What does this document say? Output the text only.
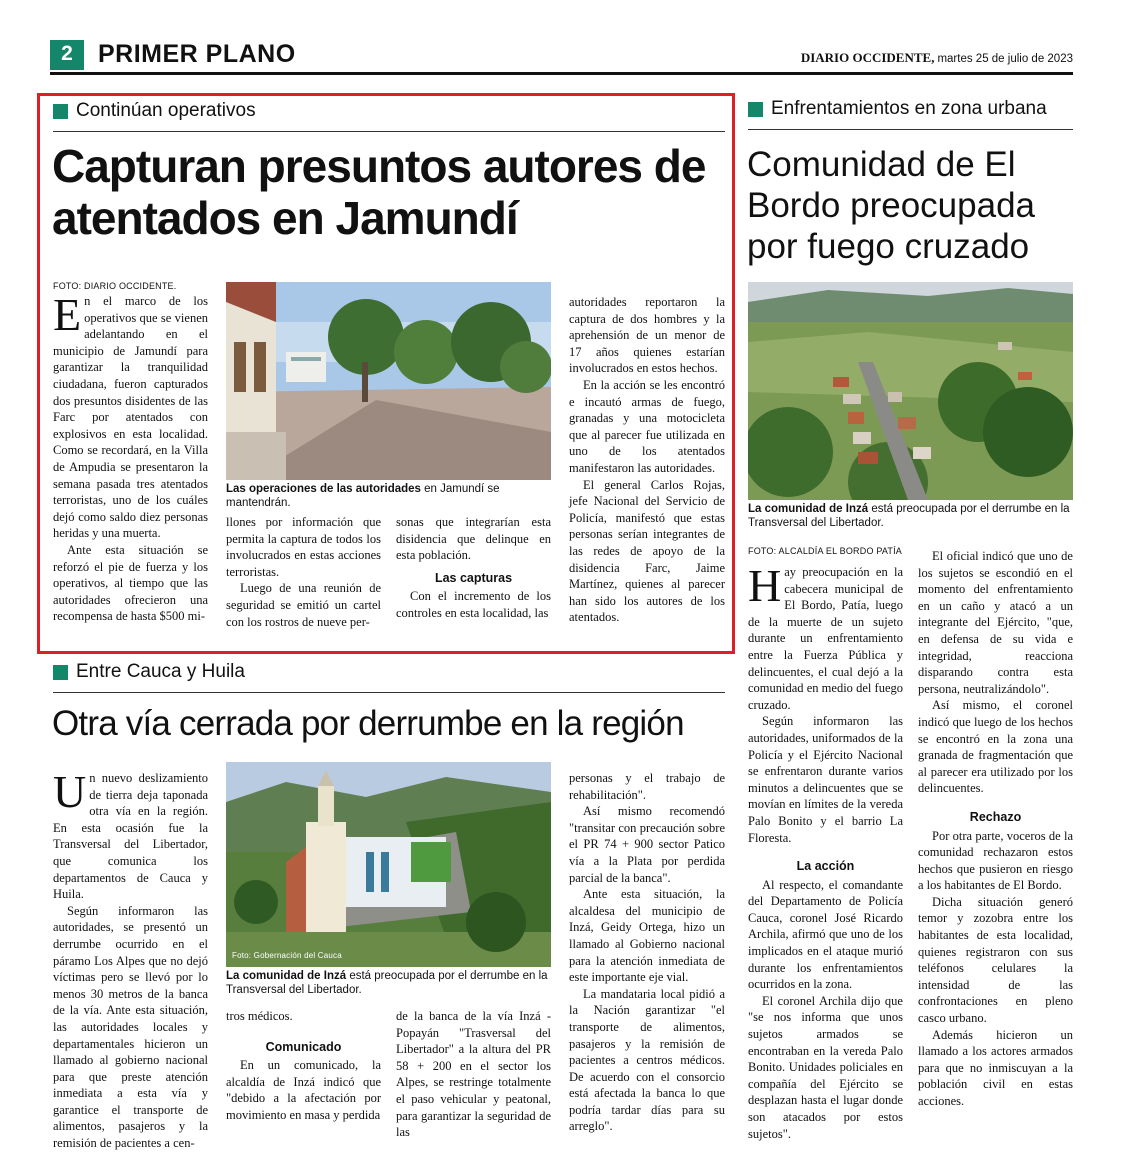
2	PRIMER PLANO	DIARIO OCCIDENTE, martes 25 de julio de 2023
Continúan operativos
Capturan presuntos autores de atentados en Jamundí
FOTO: DIARIO OCCIDENTE.

En el marco de los operativos que se vienen adelantando en el municipio de Jamundí para garantizar la tranquilidad ciudadana, fueron capturados dos presuntos disidentes de las Farc por atentados con explosivos en esta localidad. Como se recordará, en la Villa de Ampudia se presentaron la semana pasada tres atentados terroristas, uno de los cuáles dejó como saldo diez personas heridas y una muerta.

Ante esta situación se reforzó el pie de fuerza y los operativos, al tiempo que las autoridades ofrecieron una recompensa de hasta $500 mi-

Las operaciones de las autoridades en Jamundí se mantendrán.

llones por información que permita la captura de todos los involucrados en estas acciones terroristas.

Luego de una reunión de seguridad se emitió un cartel con los rostros de nueve per-

sonas que integrarían esta disidencia que delinque en esta población.

Las capturas

Con el incremento de los controles en esta localidad, las

autoridades reportaron la captura de dos hombres y la aprehensión de un menor de 17 años quienes estarían involucrados en estos hechos.

En la acción se les encontró e incautó armas de fuego, granadas y una motocicleta que al parecer fue utilizada en uno de los atentados manifestaron las autoridades.

El general Carlos Rojas, jefe Nacional del Servicio de Policía, manifestó que estas personas serían integrantes de las redes de apoyo de la disidencia Farc, Jaime Martínez, quienes al parecer han sido los autores de los atentados.

Enfrentamientos en zona urbana
Comunidad de El Bordo preocupada por fuego cruzado
La comunidad de Inzá está preocupada por el derrumbe en la Transversal del Libertador.
FOTO: ALCALDÍA EL BORDO PATÍA

Hay preocupación en la cabecera municipal de El Bordo, Patía, luego de la muerte de un sujeto durante un enfrentamiento entre la Fuerza Pública y delincuentes, el cual dejó a la comunidad en medio del fuego cruzado.

Según informaron las autoridades, uniformados de la Policía y el Ejército Nacional se enfrentaron durante varios minutos a delincuentes que se movían en límites de la vereda Palo Bonito y el barrio La Floresta.

La acción

Al respecto, el comandante del Departamento de Policía Cauca, coronel José Ricardo Archila, afirmó que uno de los implicados en el ataque murió durante los enfrentamientos ocurridos en la zona.

El coronel Archila dijo que "se nos informa que unos sujetos armados se encontraban en la vereda Palo Bonito. Unidades policiales en compañía del Ejército se desplazan hasta el lugar donde son atacados por estos sujetos".

El oficial indicó que uno de los sujetos se escondió en el momento del enfrentamiento en un caño y atacó a un integrante del Ejército, "que, en defensa de su vida e integridad, reacciona disparando contra esta persona, neutralizándolo".

Así mismo, el coronel indicó que luego de los hechos se encontró en la zona una granada de fragmentación que al parecer era utilizado por los delincuentes.

Rechazo

Por otra parte, voceros de la comunidad rechazaron estos hechos que pusieron en riesgo a los habitantes de El Bordo.

Dicha situación generó temor y zozobra entre los habitantes de esta localidad, quienes registraron con sus teléfonos celulares la intensidad de las confrontaciones en pleno casco urbano.

Además hicieron un llamado a los actores armados para que no inmiscuyan a la población civil en estas acciones.

Entre Cauca y Huila
Otra vía cerrada por derrumbe en la región

Un nuevo deslizamiento de tierra deja taponada otra vía en la región. En esta ocasión fue la Transversal del Libertador, que comunica los departamentos de Cauca y Huila.

Según informaron las autoridades, se presentó un derrumbe ocurrido en el páramo Los Alpes que no dejó víctimas pero se llevó por lo menos 30 metros de la banca de la vía. Ante esta situación, las autoridades locales y departamentales hicieron un llamado al gobierno nacional para que preste atención inmediata a esta vía y garantice el transporte de alimentos, pasajeros y la remisión de pacientes a cen-

Foto: Gobernación del Cauca
La comunidad de Inzá está preocupada por el derrumbe en la Transversal del Libertador.

tros médicos.

Comunicado

En un comunicado, la alcaldía de Inzá indicó que "debido a la afectación por movimiento en masa y perdida

de la banca de la vía Inzá - Popayán "Trasversal del Libertador" a la altura del PR 58 + 200 en el sector los Alpes, se restringe totalmente el paso vehicular y peatonal, para garantizar la seguridad de las

personas y el trabajo de rehabilitación".

Así mismo recomendó "transitar con precaución sobre el PR 74 + 900 sector Patico vía a la Plata por perdida parcial de la banca".

Ante esta situación, la alcaldesa del municipio de Inzá, Geidy Ortega, hizo un llamado al Gobierno nacional para la atención inmediata de este importante eje vial.

La mandataria local pidió a la Nación garantizar "el transporte de alimentos, pasajeros y la remisión de pacientes a centros médicos. De acuerdo con el consorcio está afectada la banca lo que podría tardar días para su arreglo".
